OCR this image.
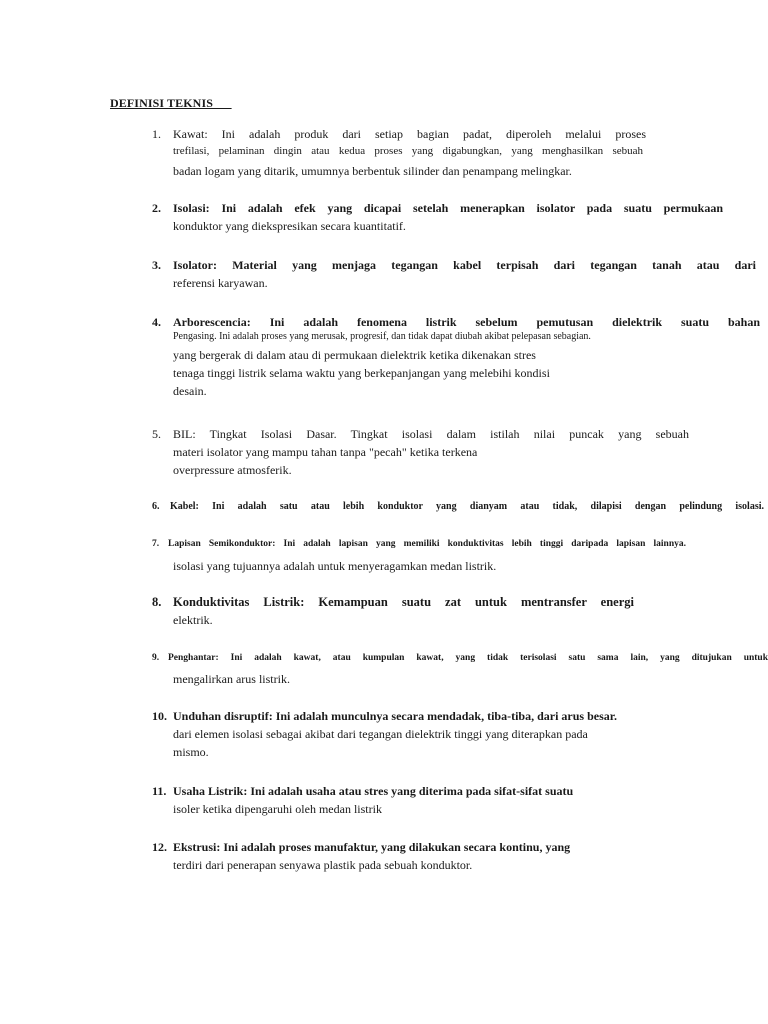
DEFINISI TEKNIS
1.	Kawat: Ini adalah produk dari setiap bagian padat, diperoleh melalui proses
trefilasi, pelaminan dingin atau kedua proses yang digabungkan, yang menghasilkan sebuah
badan logam yang ditarik, umumnya berbentuk silinder dan penampang melingkar.
2.	Isolasi: Ini adalah efek yang dicapai setelah menerapkan isolator pada suatu permukaan
konduktor yang diekspresikan secara kuantitatif.
3.	Isolator: Material yang menjaga tegangan kabel terpisah dari tegangan tanah atau dari
referensi karyawan.
4.	Arborescencia: Ini adalah fenomena listrik sebelum pemutusan dielektrik suatu bahan
Pengasing. Ini adalah proses yang merusak, progresif, dan tidak dapat diubah akibat pelepasan sebagian.
yang bergerak di dalam atau di permukaan dielektrik ketika dikenakan stres
tenaga tinggi listrik selama waktu yang berkepanjangan yang melebihi kondisi
desain.
5.	BIL: Tingkat Isolasi Dasar. Tingkat isolasi dalam istilah nilai puncak yang sebuah
materi isolator yang mampu tahan tanpa "pecah" ketika terkena
overpressure atmosferik.
6.	Kabel: Ini adalah satu atau lebih konduktor yang dianyam atau tidak, dilapisi dengan pelindung isolasi.
7. Lapisan Semikonduktor: Ini adalah lapisan yang memiliki konduktivitas lebih tinggi daripada lapisan lainnya.
isolasi yang tujuannya adalah untuk menyeragamkan medan listrik.
8. Konduktivitas Listrik: Kemampuan suatu zat untuk mentransfer energi
elektrik.
9. Penghantar: Ini adalah kawat, atau kumpulan kawat, yang tidak terisolasi satu sama lain, yang ditujukan untuk
mengalirkan arus listrik.
10. Unduhan disruptif: Ini adalah munculnya secara mendadak, tiba-tiba, dari arus besar.
dari elemen isolasi sebagai akibat dari tegangan dielektrik tinggi yang diterapkan pada
mismo.
11. Usaha Listrik: Ini adalah usaha atau stres yang diterima pada sifat-sifat suatu
isoler ketika dipengaruhi oleh medan listrik
12. Ekstrusi: Ini adalah proses manufaktur, yang dilakukan secara kontinu, yang
terdiri dari penerapan senyawa plastik pada sebuah konduktor.
